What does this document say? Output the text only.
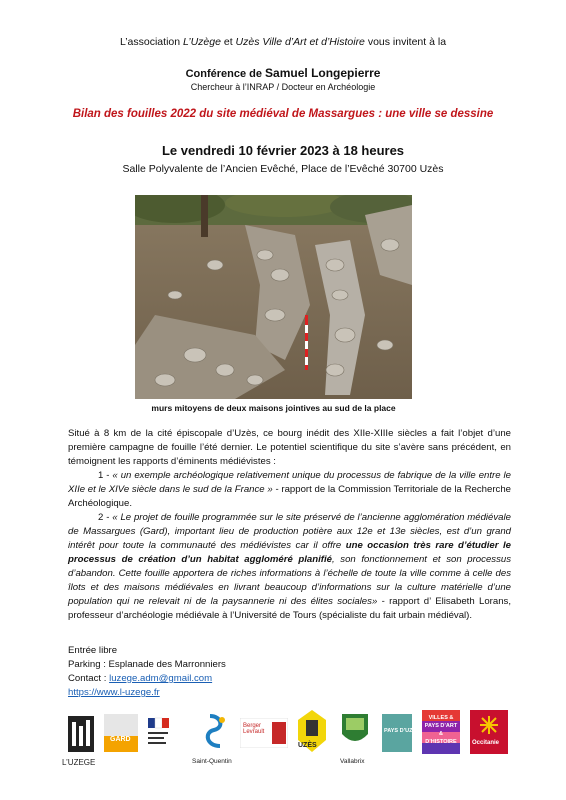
L’association L’Uzège et Uzès Ville d’Art et d’Histoire vous invitent à la
Conférence de Samuel Longepierre
Chercheur à l’INRAP / Docteur en Archéologie
Bilan des fouilles 2022 du site médiéval de Massargues : une ville se dessine
Le vendredi 10 février 2023 à 18 heures
Salle Polyvalente de l’Ancien Evêché, Place de l’Evêché 30700 Uzès
murs mitoyens de deux maisons jointives au sud de la place

Situé à 8 km de la cité épiscopale d’Uzès, ce bourg inédit des XIIe-XIIIe siècles a fait l’objet d’une première campagne de fouille l’été dernier. Le potentiel scientifique du site s’avère sans précédent, en témoignent les rapports d’éminents médiévistes :

1 - « un exemple archéologique relativement unique du processus de fabrique de la ville entre le XIIe et le XIVe siècle dans le sud de la France » - rapport de la Commission Territoriale de la Recherche Archéologique.

2 - « Le projet de fouille programmée sur le site préservé de l’ancienne agglomération médiévale de Massargues (Gard), important lieu de production potière aux 12e et 13e siècles, est d’un grand intérêt pour toute la communauté des médiévistes car il offre une occasion très rare d’étudier le processus de création d’un habitat aggloméré planifié, son fonctionnement et son processus d’abandon. Cette fouille apportera de riches informations à l’échelle de toute la ville comme à celle des îlots et des maisons médiévales en livrant beaucoup d’informations sur la culture matérielle d’une population qui ne relevait ni de la paysannerie ni des élites sociales» - rapport d’ Elisabeth Lorans, professeur d’archéologie médiévale à l’Université de Tours (spécialiste du fait urbain médiéval).

Entrée libre
Parking : Esplanade des Marronniers
Contact : luzege.adm@gmail.com
https://www.l-uzege.fr
L’UZEGE
GARD
Saint-Quentin
Berger Levrault
UZÈS
Vallabrix
PAYS D’UZÈS
VILLES & PAYS D’ART & D’HISTOIRE	Occitanie
